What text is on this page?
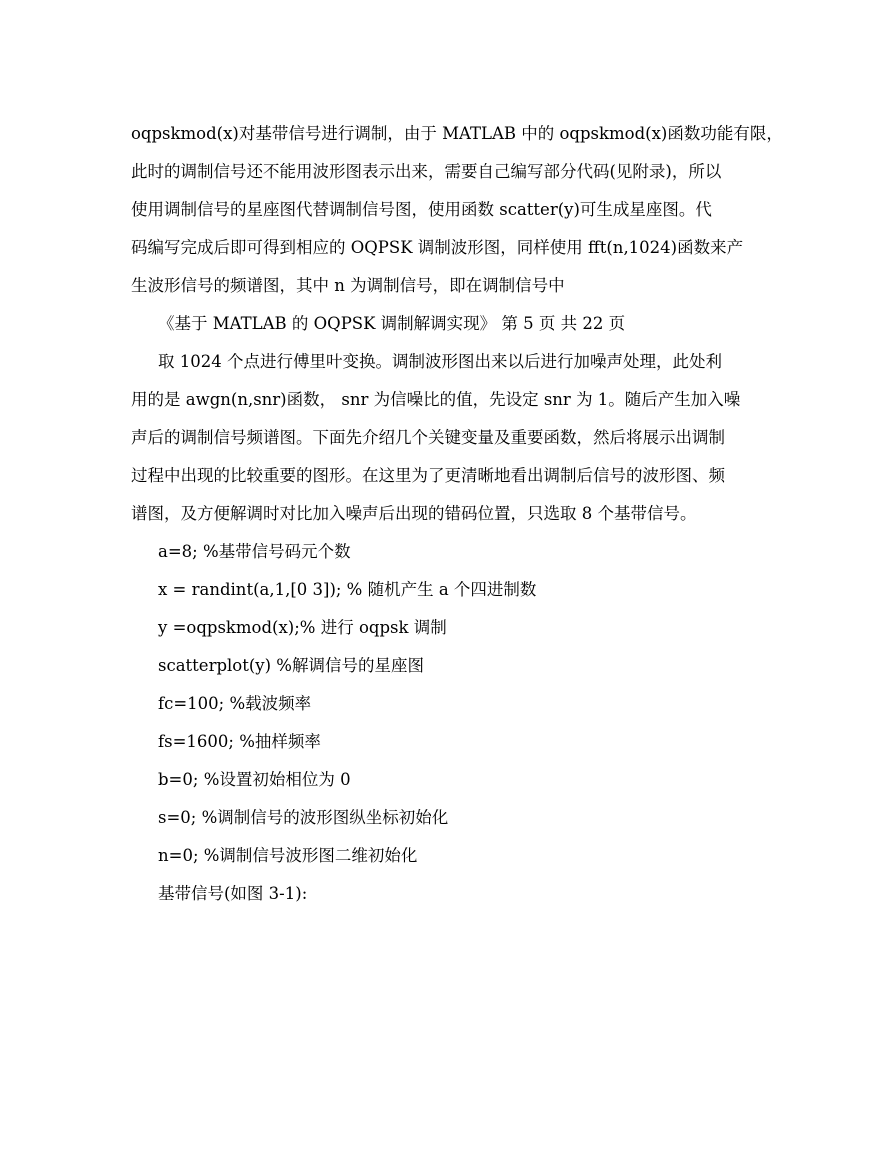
oqpskmod(x)对基带信号进行调制，由于 MATLAB 中的 oqpskmod(x)函数功能有限，
此时的调制信号还不能用波形图表示出来，需要自己编写部分代码(见附录)，所以
使用调制信号的星座图代替调制信号图，使用函数 scatter(y)可生成星座图。代
码编写完成后即可得到相应的 OQPSK 调制波形图，同样使用 fft(n,1024)函数来产
生波形信号的频谱图，其中 n 为调制信号，即在调制信号中
《基于 MATLAB 的 OQPSK 调制解调实现》 第 5 页 共 22 页
取 1024 个点进行傅里叶变换。调制波形图出来以后进行加噪声处理，此处利
用的是 awgn(n,snr)函数， snr 为信噪比的值，先设定 snr 为 1。随后产生加入噪
声后的调制信号频谱图。下面先介绍几个关键变量及重要函数，然后将展示出调制
过程中出现的比较重要的图形。在这里为了更清晰地看出调制后信号的波形图、频
谱图，及方便解调时对比加入噪声后出现的错码位置，只选取 8 个基带信号。
a=8; %基带信号码元个数
x = randint(a,1,[0 3]); % 随机产生 a 个四进制数
y =oqpskmod(x);% 进行 oqpsk 调制
scatterplot(y) %解调信号的星座图
fc=100; %载波频率
fs=1600; %抽样频率
b=0; %设置初始相位为 0
s=0; %调制信号的波形图纵坐标初始化
n=0; %调制信号波形图二维初始化
基带信号(如图 3-1):
